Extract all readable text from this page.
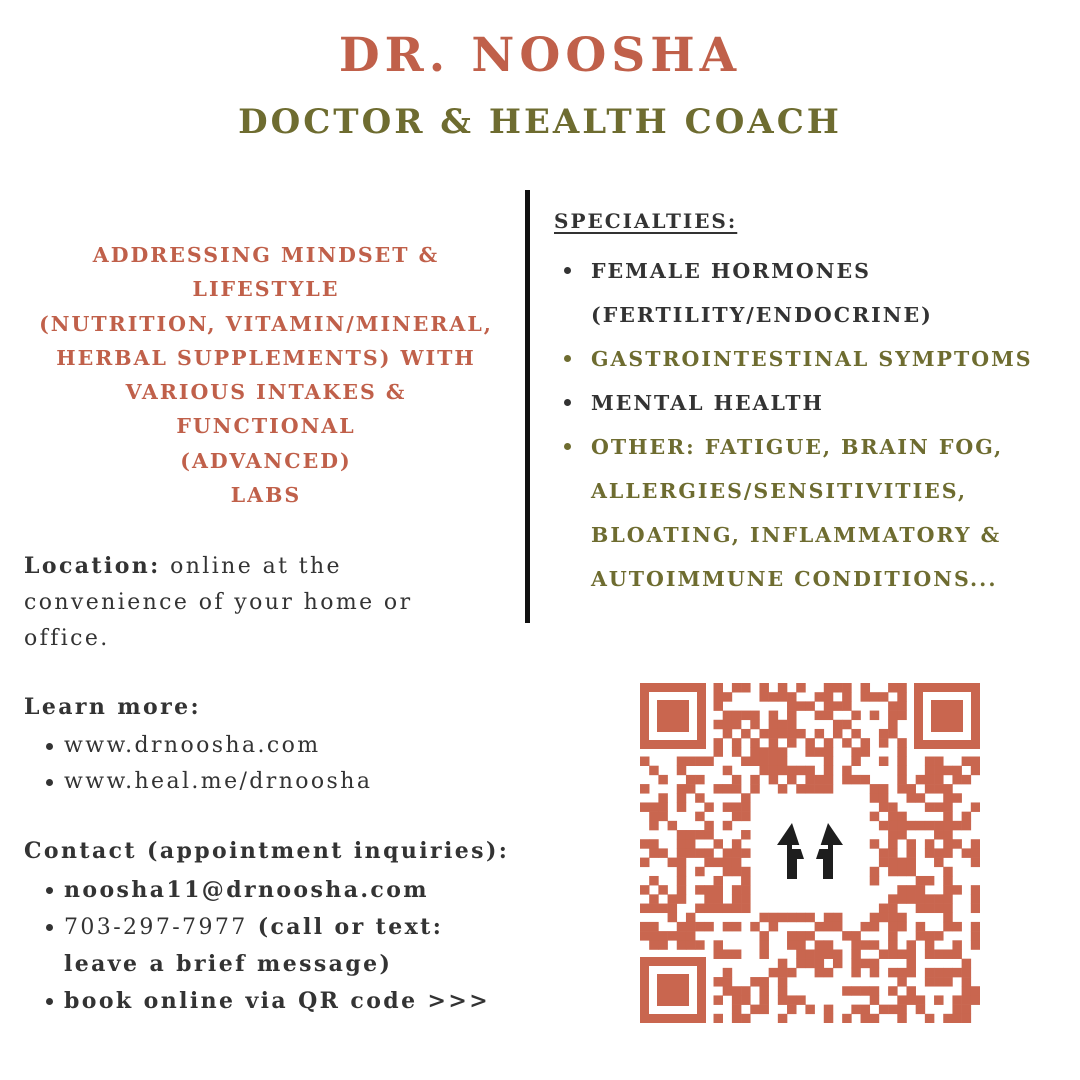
DR. NOOSHA
DOCTOR & HEALTH COACH

ADDRESSING MINDSET & LIFESTYLE
(NUTRITION, VITAMIN/MINERAL,
HERBAL SUPPLEMENTS) WITH
VARIOUS INTAKES &
FUNCTIONAL
(ADVANCED)
LABS

SPECIALTIES:
FEMALE HORMONES
(FERTILITY/ENDOCRINE)
GASTROINTESTINAL SYMPTOMS
MENTAL HEALTH
OTHER: FATIGUE, BRAIN FOG,
ALLERGIES/SENSITIVITIES,
BLOATING, INFLAMMATORY &
AUTOIMMUNE CONDITIONS...
Location: online at the convenience of your home or office.
Learn more:
www.drnoosha.com
www.heal.me/drnoosha
Contact (appointment inquiries):
noosha11@drnoosha.com
703-297-7977 (call or text: leave a brief message)
book online via QR code >>>
